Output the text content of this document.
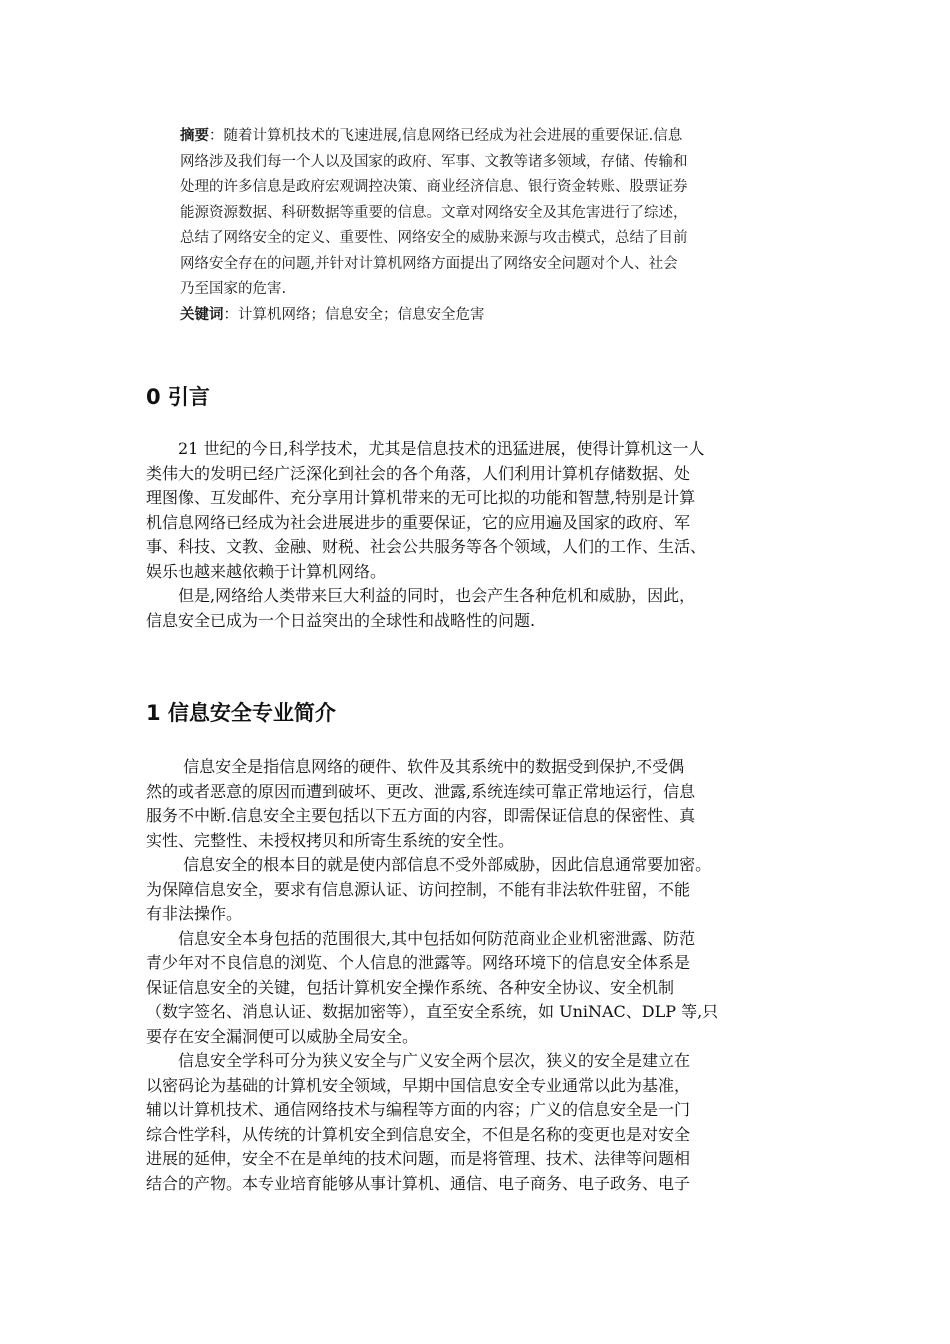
摘要：随着计算机技术的飞速进展,信息网络已经成为社会进展的重要保证.信息

网络涉及我们每一个人以及国家的政府、军事、文教等诸多领域，存储、传输和

处理的许多信息是政府宏观调控决策、商业经济信息、银行资金转账、股票证券

能源资源数据、科研数据等重要的信息。文章对网络安全及其危害进行了综述，

总结了网络安全的定义、重要性、网络安全的威胁来源与攻击模式，总结了目前

网络安全存在的问题,并针对计算机网络方面提出了网络安全问题对个人、社会

乃至国家的危害.

关键词：计算机网络；信息安全；信息安全危害

0 引言

　　21 世纪的今日,科学技术，尤其是信息技术的迅猛进展，使得计算机这一人

类伟大的发明已经广泛深化到社会的各个角落，人们利用计算机存储数据、处

理图像、互发邮件、充分享用计算机带来的无可比拟的功能和智慧,特别是计算

机信息网络已经成为社会进展进步的重要保证，它的应用遍及国家的政府、军

事、科技、文教、金融、财税、社会公共服务等各个领域，人们的工作、生活、

娱乐也越来越依赖于计算机网络。

　　但是,网络给人类带来巨大利益的同时，也会产生各种危机和威胁，因此，

信息安全已成为一个日益突出的全球性和战略性的问题.

1 信息安全专业简介

　　 信息安全是指信息网络的硬件、软件及其系统中的数据受到保护,不受偶

然的或者恶意的原因而遭到破坏、更改、泄露,系统连续可靠正常地运行，信息

服务不中断.信息安全主要包括以下五方面的内容，即需保证信息的保密性、真

实性、完整性、未授权拷贝和所寄生系统的安全性。

　　 信息安全的根本目的就是使内部信息不受外部威胁，因此信息通常要加密。

为保障信息安全，要求有信息源认证、访问控制，不能有非法软件驻留，不能

有非法操作。

　　信息安全本身包括的范围很大,其中包括如何防范商业企业机密泄露、防范

青少年对不良信息的浏览、个人信息的泄露等。网络环境下的信息安全体系是

保证信息安全的关键，包括计算机安全操作系统、各种安全协议、安全机制

（数字签名、消息认证、数据加密等），直至安全系统，如 UniNAC、DLP 等,只

要存在安全漏洞便可以威胁全局安全。

　　信息安全学科可分为狭义安全与广义安全两个层次，狭义的安全是建立在

以密码论为基础的计算机安全领域，早期中国信息安全专业通常以此为基准，

辅以计算机技术、通信网络技术与编程等方面的内容；广义的信息安全是一门

综合性学科，从传统的计算机安全到信息安全，不但是名称的变更也是对安全

进展的延伸，安全不在是单纯的技术问题，而是将管理、技术、法律等问题相

结合的产物。本专业培育能够从事计算机、通信、电子商务、电子政务、电子
